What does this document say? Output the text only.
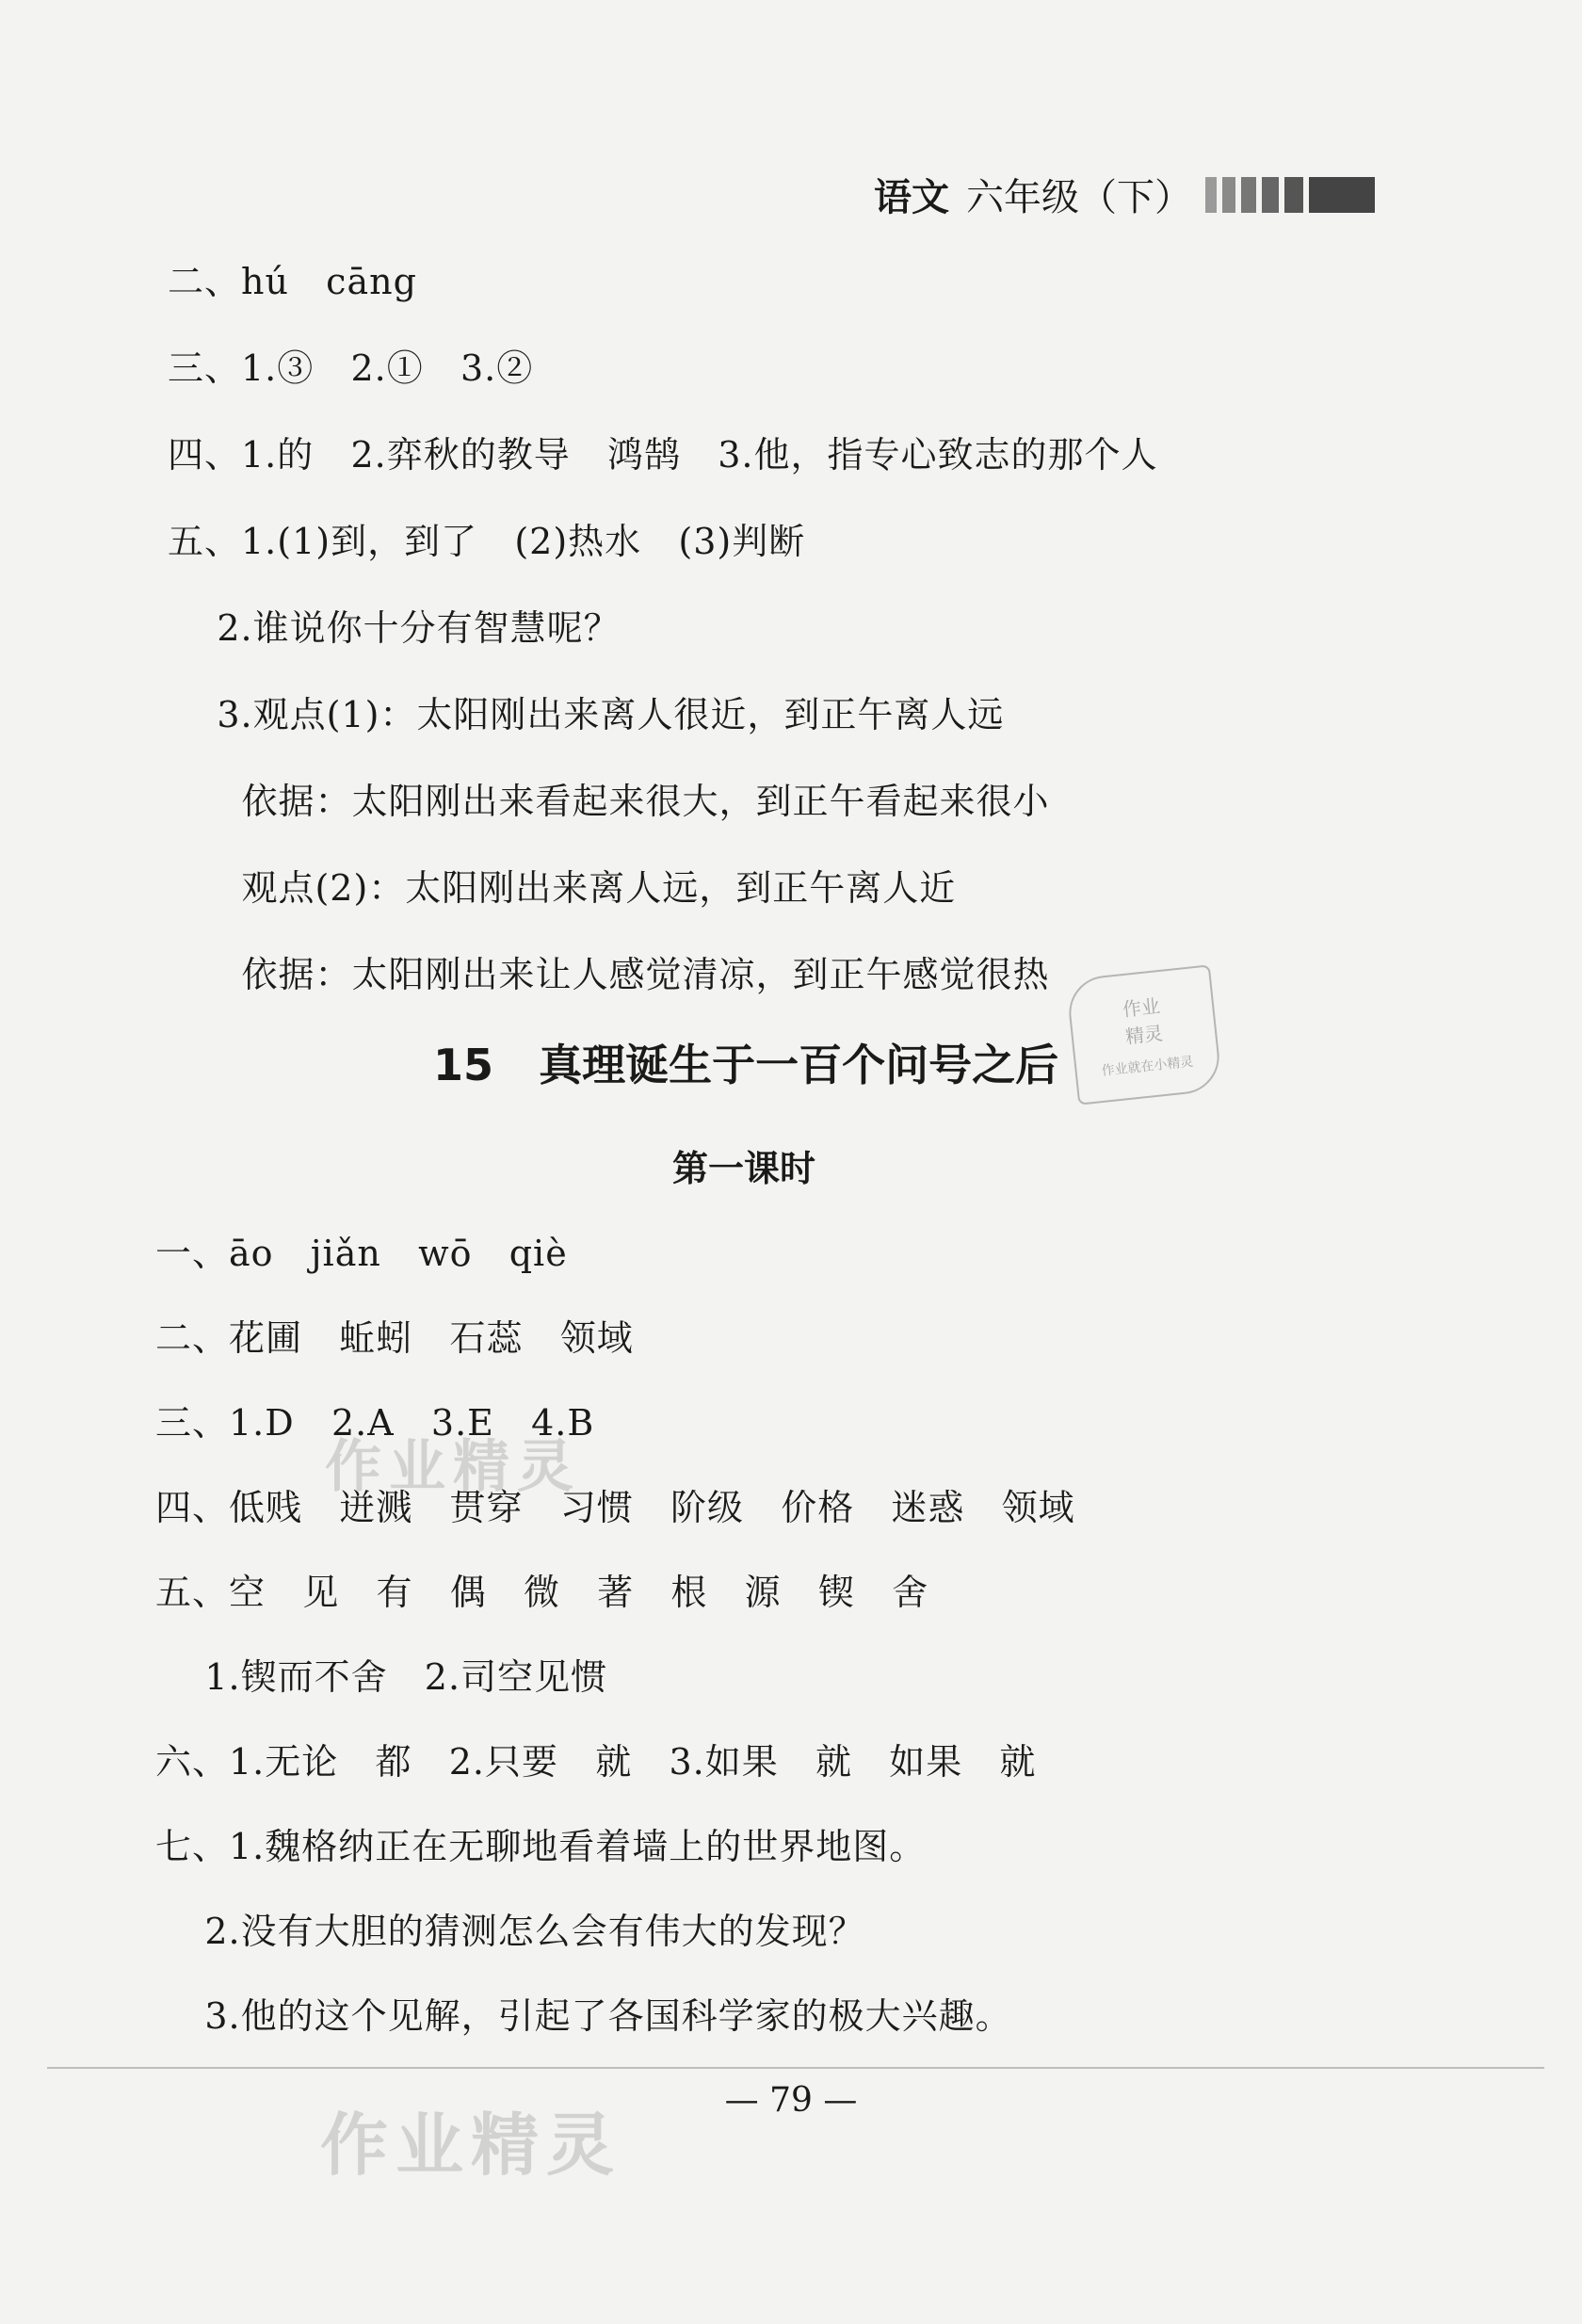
语文 六年级（下）
二、hú   cāng
三、1.③   2.①   3.②
四、1.的   2.弈秋的教导   鸿鹄   3.他，指专心致志的那个人
五、1.(1)到，到了   (2)热水   (3)判断
2.谁说你十分有智慧呢？
3.观点(1)：太阳刚出来离人很近，到正午离人远
依据：太阳刚出来看起来很大，到正午看起来很小
观点(2)：太阳刚出来离人远，到正午离人近
依据：太阳刚出来让人感觉清凉，到正午感觉很热
作业
精灵
作业就在小精灵
15 真理诞生于一百个问号之后
第一课时
一、āo   jiǎn   wō   qiè
二、花圃   蚯蚓   石蕊   领域
三、1.D   2.A   3.E   4.B
四、低贱   迸溅   贯穿   习惯   阶级   价格   迷惑   领域
五、空   见   有   偶   微   著   根   源   锲   舍
1.锲而不舍   2.司空见惯
六、1.无论   都   2.只要   就   3.如果   就   如果   就
七、1.魏格纳正在无聊地看着墙上的世界地图。
2.没有大胆的猜测怎么会有伟大的发现？
3.他的这个见解，引起了各国科学家的极大兴趣。
作业精灵
作业精灵
— 79 —
